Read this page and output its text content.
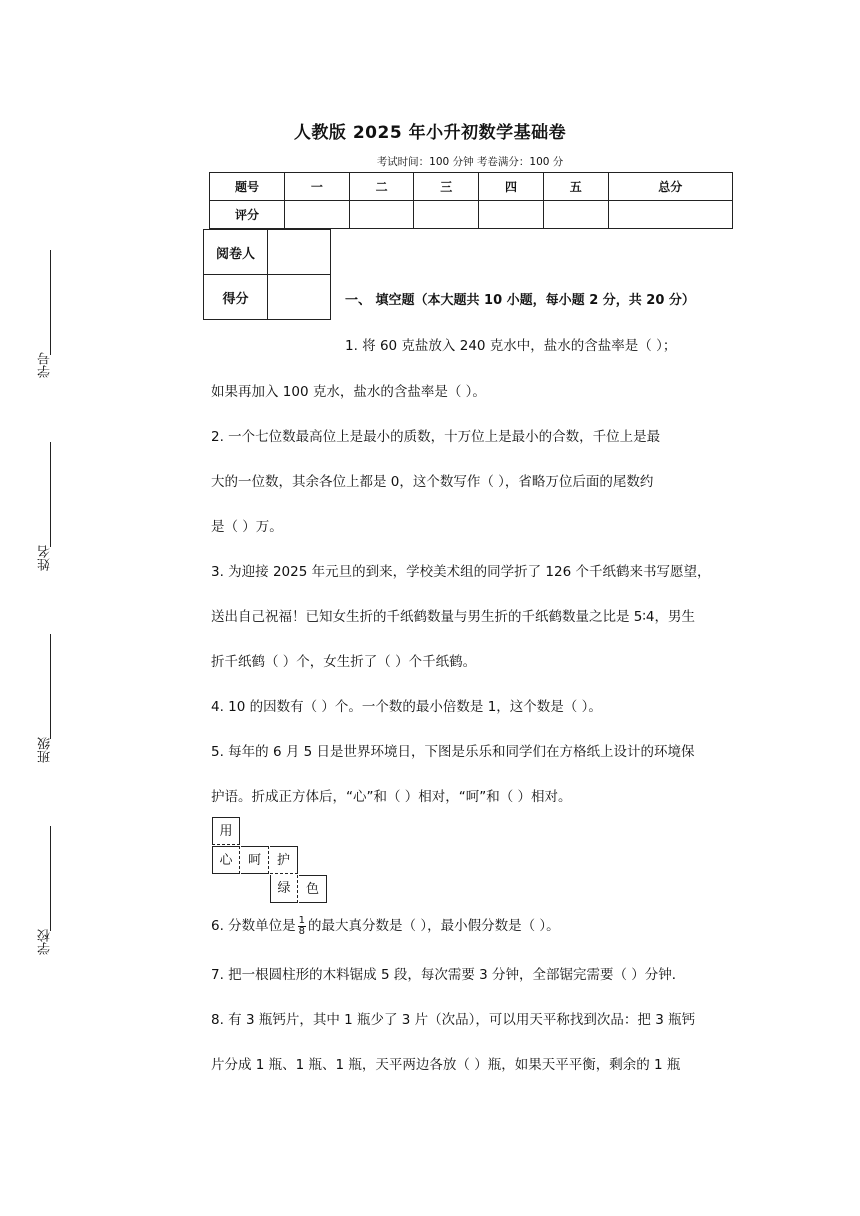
人教版 2025 年小升初数学基础卷
考试时间：100 分钟 考卷满分：100 分
题号	一	二	三	四	五	总分
评分						
阅卷人	
得分		一、 填空题（本大题共 10 小题，每小题 2 分，共 20 分）
1. 将 60 克盐放入 240 克水中，盐水的含盐率是（ ）；
如果再加入 100 克水，盐水的含盐率是（ ）。
2. 一个七位数最高位上是最小的质数，十万位上是最小的合数，千位上是最
大的一位数，其余各位上都是 0，这个数写作（ ），省略万位后面的尾数约
是（ ）万。
3. 为迎接 2025 年元旦的到来，学校美术组的同学折了 126 个千纸鹤来书写愿望，
送出自己祝福！已知女生折的千纸鹤数量与男生折的千纸鹤数量之比是 5∶4，男生
折千纸鹤（ ）个，女生折了（ ）个千纸鹤。
4. 10 的因数有（ ）个。一个数的最小倍数是 1，这个数是（ ）。
5. 每年的 6 月 5 日是世界环境日，下图是乐乐和同学们在方格纸上设计的环境保
护语。折成正方体后，“心”和（ ）相对，“呵”和（ ）相对。
用
心	呵	护
绿	色
6. 分数单位是 $\frac{1}{8}$ 的最大真分数是（ ），最小假分数是（ ）。
7. 把一根圆柱形的木料锯成 5 段，每次需要 3 分钟，全部锯完需要（ ）分钟．
8. 有 3 瓶钙片，其中 1 瓶少了 3 片（次品），可以用天平称找到次品：把 3 瓶钙
片分成 1 瓶、1 瓶、1 瓶，天平两边各放（ ）瓶，如果天平平衡，剩余的 1 瓶
学号
姓名
班级
学校
